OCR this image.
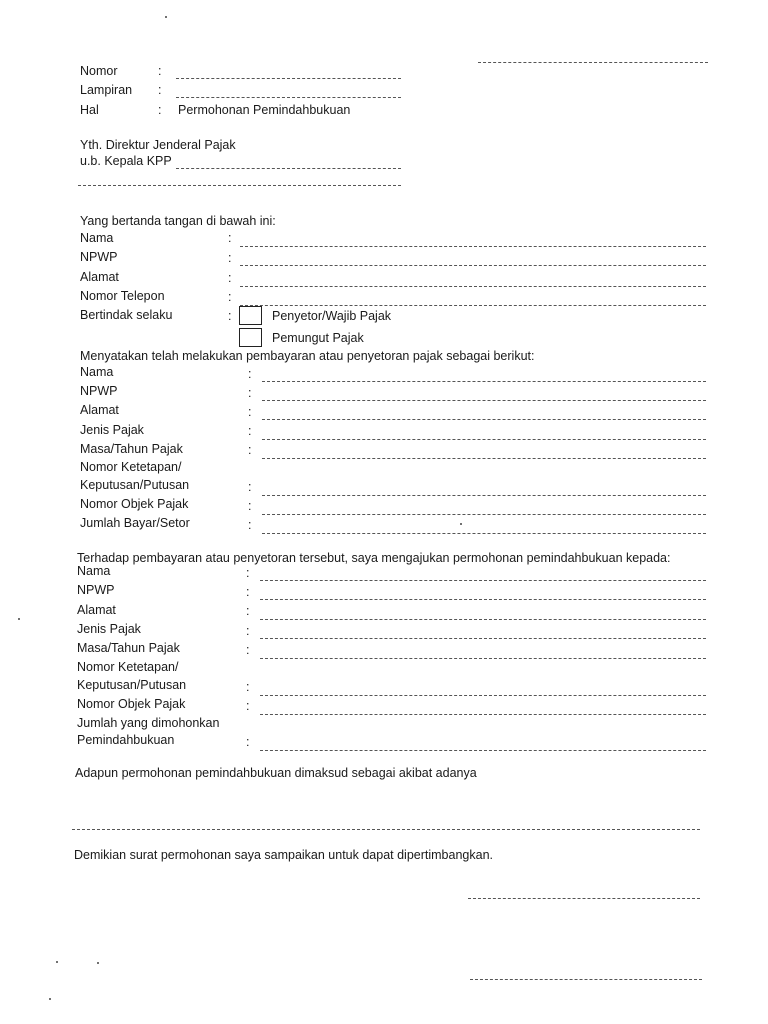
Nomor	:
Lampiran :
Hal	: Permohonan Pemindahbukuan
Yth. Direktur Jenderal Pajak
u.b. Kepala KPP
Yang bertanda tangan di bawah ini:
Nama	:
NPWP	:
Alamat	:
Nomor Telepon	:
Bertindak selaku	:	Penyetor/Wajib Pajak
Pemungut Pajak
Menyatakan telah melakukan pembayaran atau penyetoran pajak sebagai berikut:
Nama	:
NPWP	:
Alamat	:
Jenis Pajak	:
Masa/Tahun Pajak	:
Nomor Ketetapan/
Keputusan/Putusan	:
Nomor Objek Pajak	:
Jumlah Bayar/Setor	:
Terhadap pembayaran atau penyetoran tersebut, saya mengajukan permohonan pemindahbukuan kepada:
Nama	:
NPWP	:
Alamat	:
Jenis Pajak	:
Masa/Tahun Pajak	:
Nomor Ketetapan/
Keputusan/Putusan	:
Nomor Objek Pajak	:
Jumlah yang dimohonkan
Pemindahbukuan	:
Adapun permohonan pemindahbukuan dimaksud sebagai akibat adanya
Demikian surat permohonan saya sampaikan untuk dapat dipertimbangkan.
